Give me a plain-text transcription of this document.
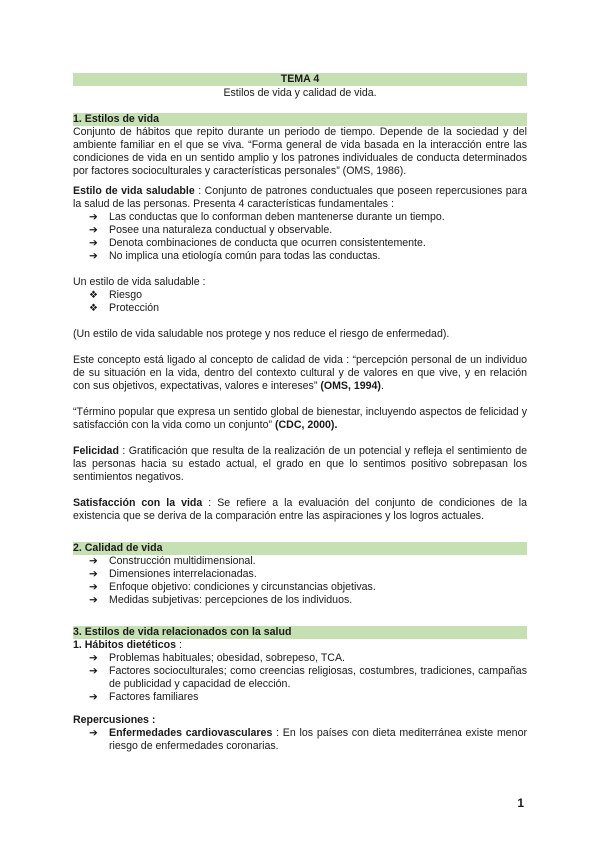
TEMA 4
Estilos de vida y calidad de vida.
1. Estilos de vida

Conjunto de hábitos que repito durante un periodo de tiempo. Depende de la sociedad y del ambiente familiar en el que se viva. “Forma general de vida basada en la interacción entre las condiciones de vida en un sentido amplio y los patrones individuales de conducta determinados por factores socioculturales y características personales” (OMS, 1986).

Estilo de vida saludable : Conjunto de patrones conductuales que poseen repercusiones para la salud de las personas. Presenta 4 características fundamentales :

➔	Las conductas que lo conforman deben mantenerse durante un tiempo.
➔	Posee una naturaleza conductual y observable.
➔	Denota combinaciones de conducta que ocurren consistentemente.
➔	No implica una etiología común para todas las conductas.

Un estilo de vida saludable :

❖	Riesgo
❖	Protección

(Un estilo de vida saludable nos protege y nos reduce el riesgo de enfermedad).

Este concepto está ligado al concepto de calidad de vida : “percepción personal de un individuo de su situación en la vida, dentro del contexto cultural y de valores en que vive, y en relación con sus objetivos, expectativas, valores e intereses” (OMS, 1994).

“Término popular que expresa un sentido global de bienestar, incluyendo aspectos de felicidad y satisfacción con la vida como un conjunto” (CDC, 2000).

Felicidad : Gratificación que resulta de la realización de un potencial y refleja el sentimiento de las personas hacia su estado actual, el grado en que lo sentimos positivo sobrepasan los sentimientos negativos.

Satisfacción con la vida : Se refiere a la evaluación del conjunto de condiciones de la existencia que se deriva de la comparación entre las aspiraciones y los logros actuales.

2. Calidad de vida
➔	Construcción multidimensional.
➔	Dimensiones interrelacionadas.
➔	Enfoque objetivo: condiciones y circunstancias objetivas.
➔	Medidas subjetivas: percepciones de los individuos.
3. Estilos de vida relacionados con la salud

1. Hábitos dietéticos :

➔	Problemas habituales; obesidad, sobrepeso, TCA.
➔	Factores socioculturales; como creencias religiosas, costumbres, tradiciones, campañas de publicidad y capacidad de elección.
➔	Factores familiares

Repercusiones :

➔	Enfermedades cardiovasculares : En los países con dieta mediterránea existe menor riesgo de enfermedades coronarias.
1
